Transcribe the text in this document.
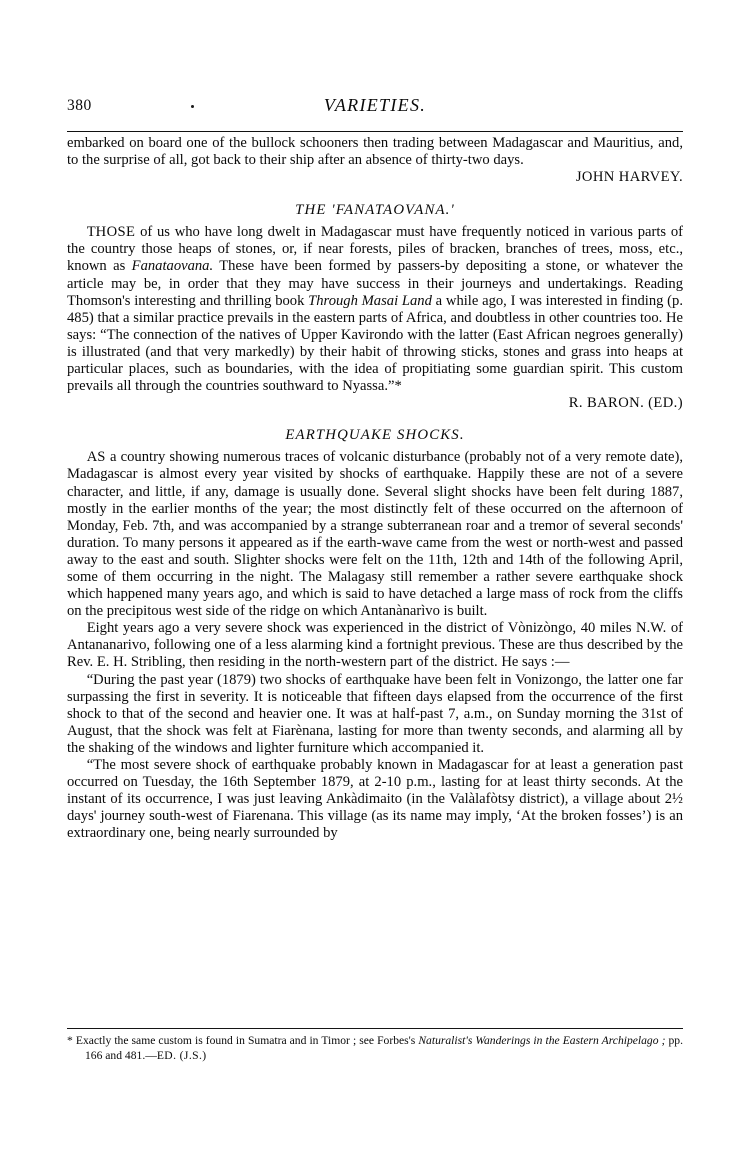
380	VARIETIES.

embarked on board one of the bullock schooners then trading between Madagascar and Mauritius, and, to the surprise of all, got back to their ship after an absence of thirty-two days.

JOHN HARVEY.
THE 'FANATAOVANA.'

THOSE of us who have long dwelt in Madagascar must have frequently noticed in various parts of the country those heaps of stones, or, if near forests, piles of bracken, branches of trees, moss, etc., known as Fanataovana. These have been formed by passers-by depositing a stone, or whatever the article may be, in order that they may have success in their journeys and undertakings. Reading Thomson's interesting and thrilling book Through Masai Land a while ago, I was interested in finding (p. 485) that a similar practice prevails in the eastern parts of Africa, and doubtless in other countries too. He says: “The connection of the natives of Upper Kavirondo with the latter (East African negroes generally) is illustrated (and that very markedly) by their habit of throwing sticks, stones and grass into heaps at particular places, such as boundaries, with the idea of propitiating some guardian spirit. This custom prevails all through the countries southward to Nyassa.”*

R. BARON. (ED.)
EARTHQUAKE SHOCKS.

AS a country showing numerous traces of volcanic disturbance (probably not of a very remote date), Madagascar is almost every year visited by shocks of earthquake. Happily these are not of a severe character, and little, if any, damage is usually done. Several slight shocks have been felt during 1887, mostly in the earlier months of the year; the most distinctly felt of these occurred on the afternoon of Monday, Feb. 7th, and was accompanied by a strange subterranean roar and a tremor of several seconds' duration. To many persons it appeared as if the earth-wave came from the west or north-west and passed away to the east and south. Slighter shocks were felt on the 11th, 12th and 14th of the following April, some of them occurring in the night. The Malagasy still remember a rather severe earthquake shock which happened many years ago, and which is said to have detached a large mass of rock from the cliffs on the precipitous west side of the ridge on which Antanànarìvo is built.

Eight years ago a very severe shock was experienced in the district of Vònizòngo, 40 miles N.W. of Antananarivo, following one of a less alarming kind a fortnight previous. These are thus described by the Rev. E. H. Stribling, then residing in the north-western part of the district. He says :—

“During the past year (1879) two shocks of earthquake have been felt in Vonizongo, the latter one far surpassing the first in severity. It is noticeable that fifteen days elapsed from the occurrence of the first shock to that of the second and heavier one. It was at half-past 7, a.m., on Sunday morning the 31st of August, that the shock was felt at Fiarènana, lasting for more than twenty seconds, and alarming all by the shaking of the windows and lighter furniture which accompanied it.

“The most severe shock of earthquake probably known in Madagascar for at least a generation past occurred on Tuesday, the 16th September 1879, at 2-10 p.m., lasting for at least thirty seconds. At the instant of its occurrence, I was just leaving Ankàdimaito (in the Valàlafòtsy district), a village about 2½ days' journey south-west of Fiarenana. This village (as its name may imply, ‘At the broken fosses’) is an extraordinary one, being nearly surrounded by

* Exactly the same custom is found in Sumatra and in Timor ; see Forbes's Naturalist's Wanderings in the Eastern Archipelago ; pp. 166 and 481.—ED. (J.S.)
